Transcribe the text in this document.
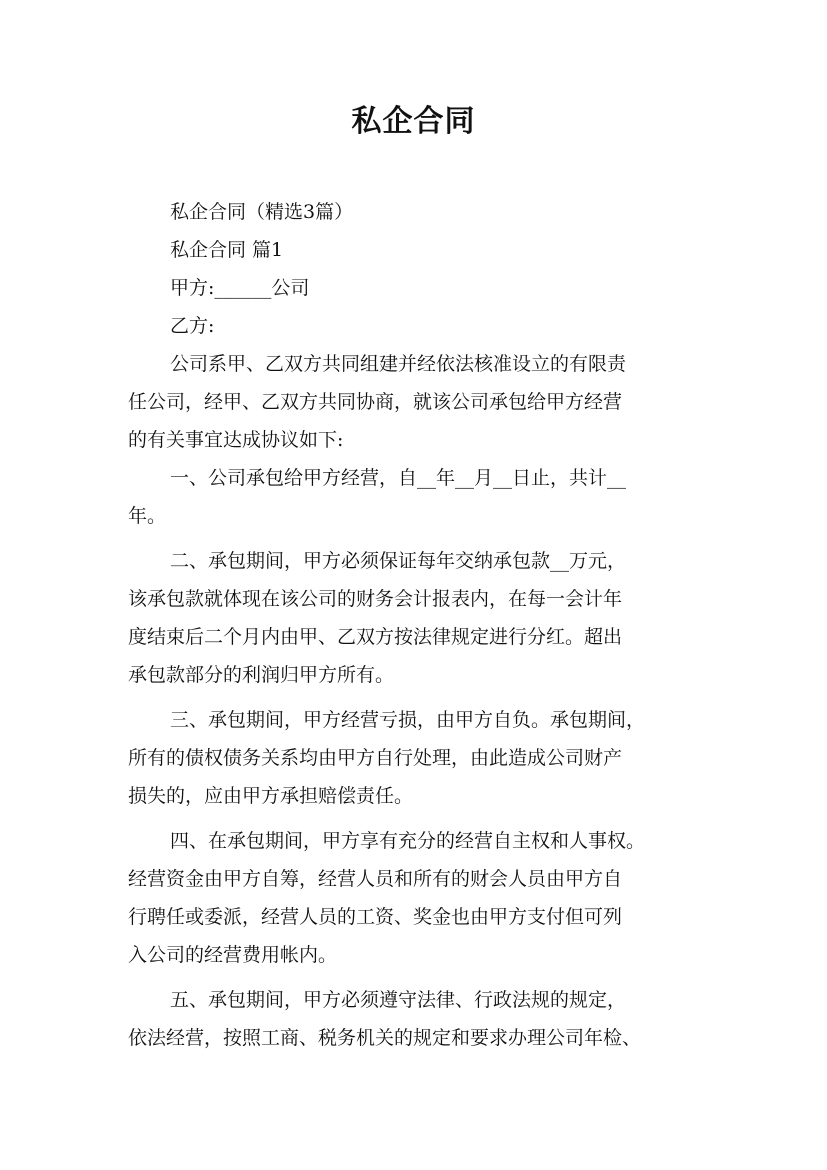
私企合同
私企合同（精选3篇）
私企合同 篇1
甲方:______公司
乙方:
公司系甲、乙双方共同组建并经依法核准设立的有限责
任公司，经甲、乙双方共同协商，就该公司承包给甲方经营
的有关事宜达成协议如下:
一、公司承包给甲方经营，自__年__月__日止，共计__
年。
二、承包期间，甲方必须保证每年交纳承包款__万元，
该承包款就体现在该公司的财务会计报表内，在每一会计年
度结束后二个月内由甲、乙双方按法律规定进行分红。超出
承包款部分的利润归甲方所有。
三、承包期间，甲方经营亏损，由甲方自负。承包期间，
所有的债权债务关系均由甲方自行处理，由此造成公司财产
损失的，应由甲方承担赔偿责任。
四、在承包期间，甲方享有充分的经营自主权和人事权。
经营资金由甲方自筹，经营人员和所有的财会人员由甲方自
行聘任或委派，经营人员的工资、奖金也由甲方支付但可列
入公司的经营费用帐内。
五、承包期间，甲方必须遵守法律、行政法规的规定，
依法经营，按照工商、税务机关的规定和要求办理公司年检、
